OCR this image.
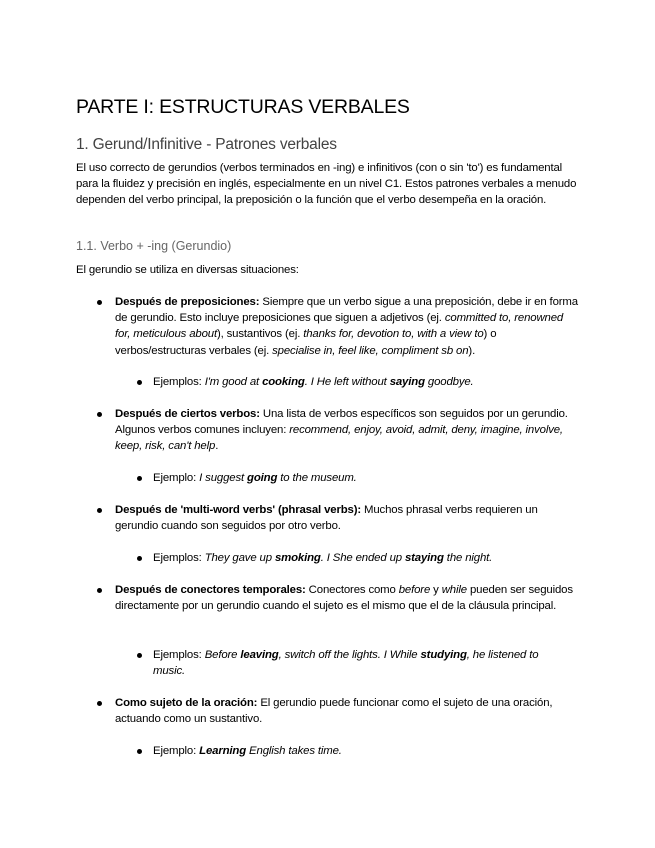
PARTE I: ESTRUCTURAS VERBALES
1. Gerund/Infinitive - Patrones verbales
El uso correcto de gerundios (verbos terminados en -ing) e infinitivos (con o sin 'to') es fundamental para la fluidez y precisión en inglés, especialmente en un nivel C1. Estos patrones verbales a menudo dependen del verbo principal, la preposición o la función que el verbo desempeña en la oración.
1.1. Verbo + -ing (Gerundio)
El gerundio se utiliza en diversas situaciones:
Después de preposiciones: Siempre que un verbo sigue a una preposición, debe ir en forma de gerundio. Esto incluye preposiciones que siguen a adjetivos (ej. committed to, renowned for, meticulous about), sustantivos (ej. thanks for, devotion to, with a view to) o verbos/estructuras verbales (ej. specialise in, feel like, compliment sb on).
Ejemplos: I'm good at cooking. I He left without saying goodbye.
Después de ciertos verbos: Una lista de verbos específicos son seguidos por un gerundio. Algunos verbos comunes incluyen: recommend, enjoy, avoid, admit, deny, imagine, involve, keep, risk, can't help.
Ejemplo: I suggest going to the museum.
Después de 'multi-word verbs' (phrasal verbs): Muchos phrasal verbs requieren un gerundio cuando son seguidos por otro verbo.
Ejemplos: They gave up smoking. I She ended up staying the night.
Después de conectores temporales: Conectores como before y while pueden ser seguidos directamente por un gerundio cuando el sujeto es el mismo que el de la cláusula principal.
Ejemplos: Before leaving, switch off the lights. I While studying, he listened to music.
Como sujeto de la oración: El gerundio puede funcionar como el sujeto de una oración, actuando como un sustantivo.
Ejemplo: Learning English takes time.
